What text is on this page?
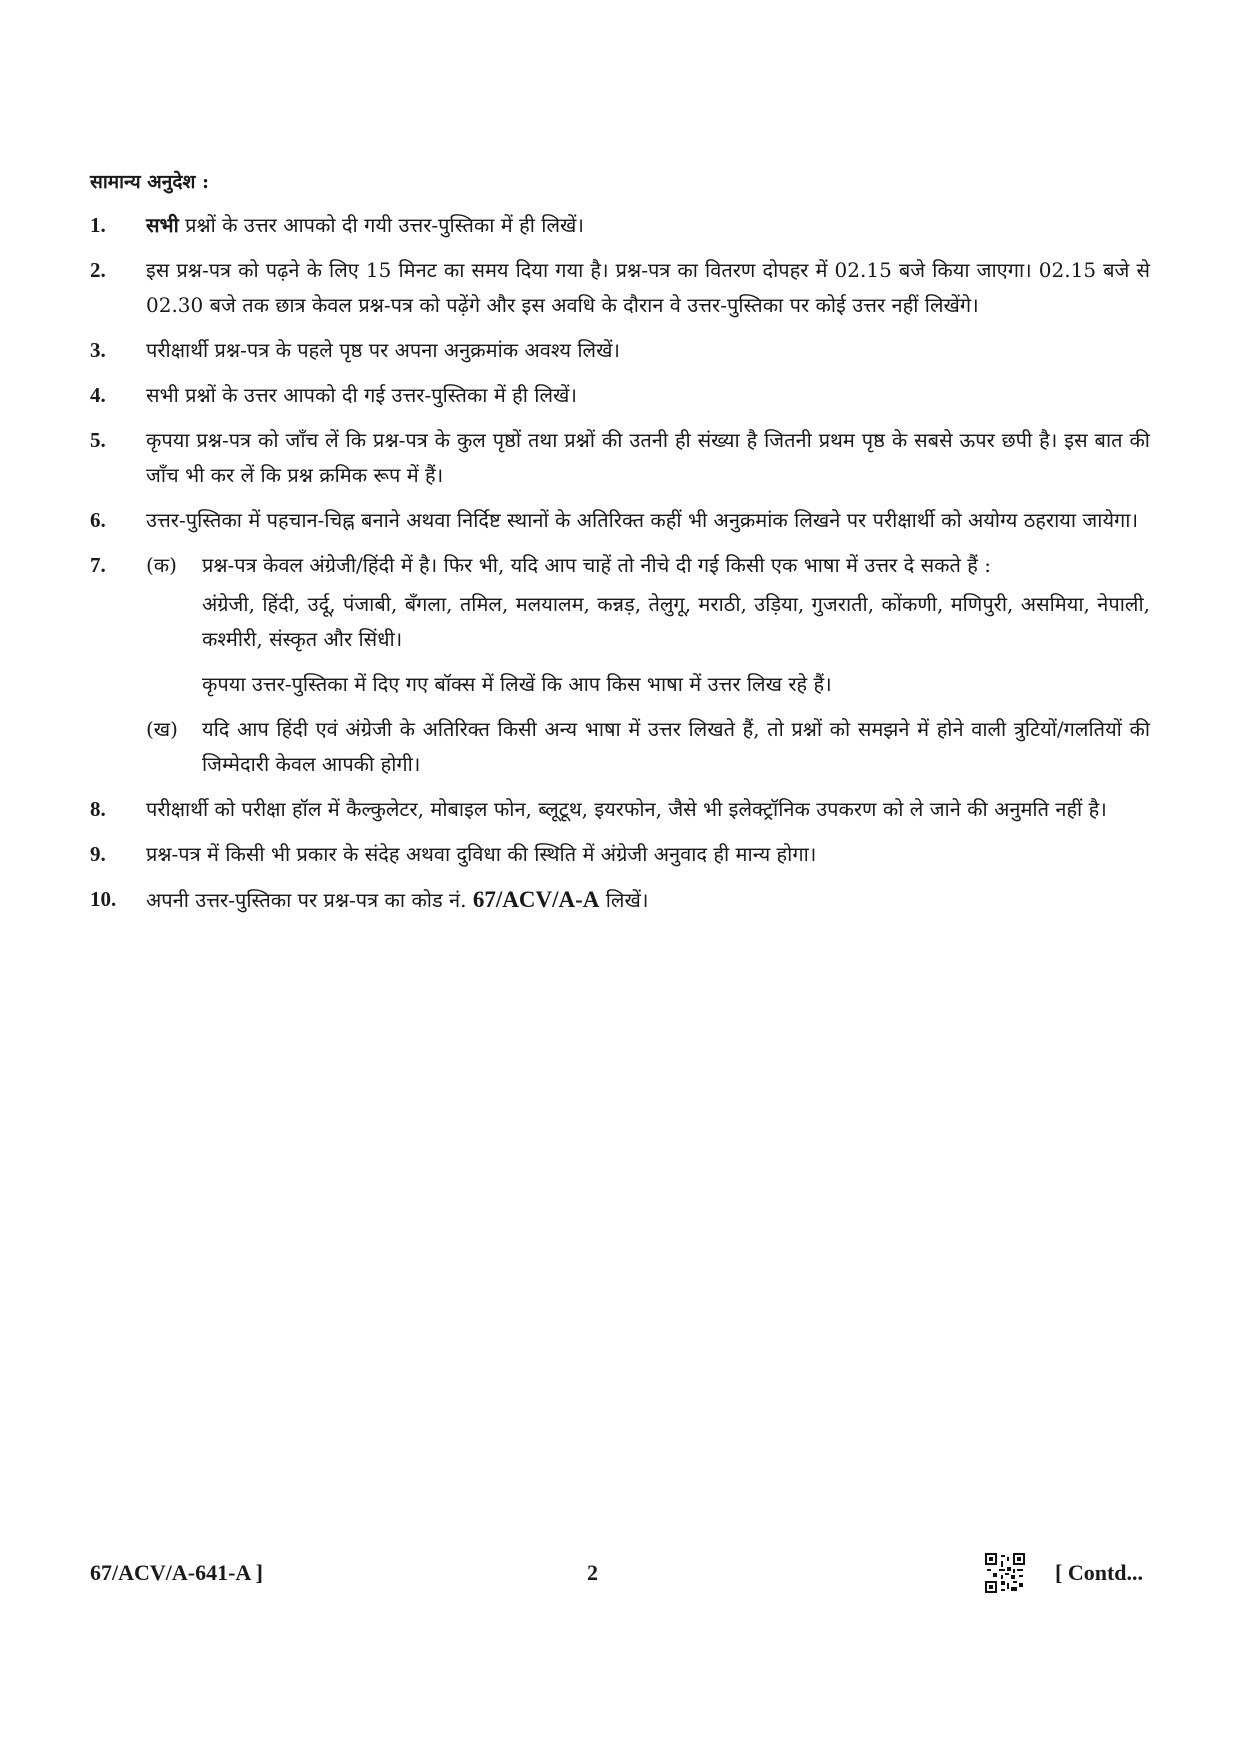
सामान्य अनुदेश :
1.	सभी प्रश्नों के उत्तर आपको दी गयी उत्तर-पुस्तिका में ही लिखें।
2.	इस प्रश्न-पत्र को पढ़ने के लिए 15 मिनट का समय दिया गया है। प्रश्न-पत्र का वितरण दोपहर में 02.15 बजे किया जाएगा। 02.15 बजे से 02.30 बजे तक छात्र केवल प्रश्न-पत्र को पढ़ेंगे और इस अवधि के दौरान वे उत्तर-पुस्तिका पर कोई उत्तर नहीं लिखेंगे।
3.	परीक्षार्थी प्रश्न-पत्र के पहले पृष्ठ पर अपना अनुक्रमांक अवश्य लिखें।
4.	सभी प्रश्नों के उत्तर आपको दी गई उत्तर-पुस्तिका में ही लिखें।
5.	कृपया प्रश्न-पत्र को जाँच लें कि प्रश्न-पत्र के कुल पृष्ठों तथा प्रश्नों की उतनी ही संख्या है जितनी प्रथम पृष्ठ के सबसे ऊपर छपी है। इस बात की जाँच भी कर लें कि प्रश्न क्रमिक रूप में हैं।
6.	उत्तर-पुस्तिका में पहचान-चिह्न बनाने अथवा निर्दिष्ट स्थानों के अतिरिक्त कहीं भी अनुक्रमांक लिखने पर परीक्षार्थी को अयोग्य ठहराया जायेगा।
7.	(क)	प्रश्न-पत्र केवल अंग्रेजी/हिंदी में है। फिर भी, यदि आप चाहें तो नीचे दी गई किसी एक भाषा में उत्तर दे सकते हैं :
अंग्रेजी, हिंदी, उर्दू, पंजाबी, बँगला, तमिल, मलयालम, कन्नड़, तेलुगू, मराठी, उड़िया, गुजराती, कोंकणी, मणिपुरी, असमिया, नेपाली, कश्मीरी, संस्कृत और सिंधी।
कृपया उत्तर-पुस्तिका में दिए गए बॉक्स में लिखें कि आप किस भाषा में उत्तर लिख रहे हैं।
(ख)	यदि आप हिंदी एवं अंग्रेजी के अतिरिक्त किसी अन्य भाषा में उत्तर लिखते हैं, तो प्रश्नों को समझने में होने वाली त्रुटियों/गलतियों की जिम्मेदारी केवल आपकी होगी।
8.	परीक्षार्थी को परीक्षा हॉल में कैल्कुलेटर, मोबाइल फोन, ब्लूटूथ, इयरफोन, जैसे भी इलेक्ट्रॉनिक उपकरण को ले जाने की अनुमति नहीं है।
9.	प्रश्न-पत्र में किसी भी प्रकार के संदेह अथवा दुविधा की स्थिति में अंग्रेजी अनुवाद ही मान्य होगा।
10.	अपनी उत्तर-पुस्तिका पर प्रश्न-पत्र का कोड नं. 67/ACV/A-A लिखें।
67/ACV/A-641-A ]	2	[ Contd...
